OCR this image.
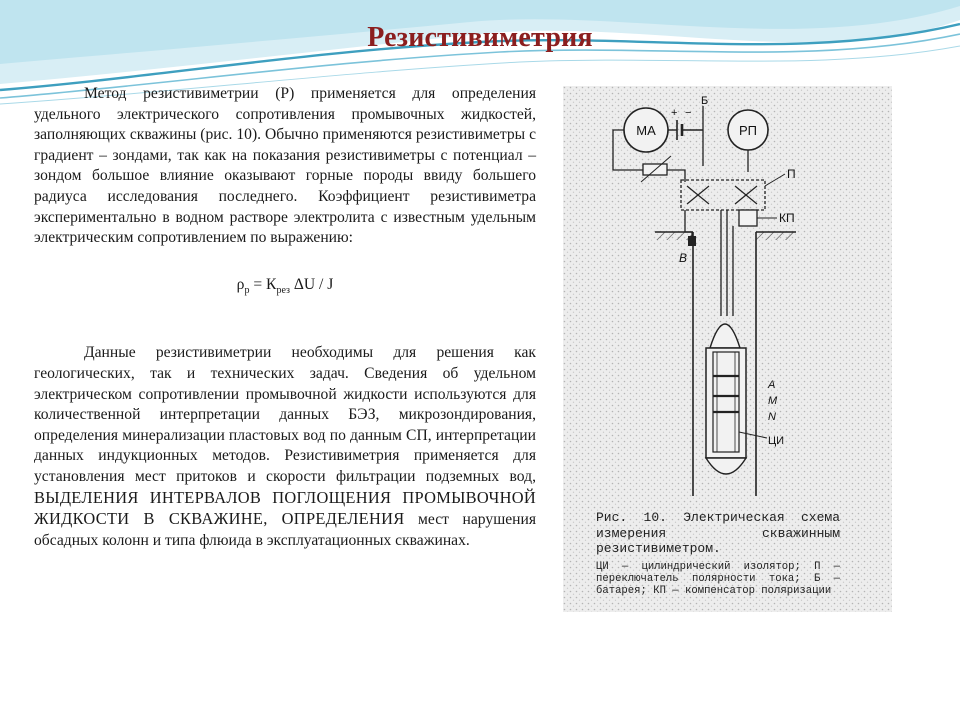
Резистивиметрия

Метод резистивиметрии (Р) применяется для определения удельного электрического сопротивления промывочных жидкостей, заполняющих скважины (рис. 10). Обычно применяются резистивиметры с градиент – зондами, так как на показания резистивиметры с потенциал – зондом большое влияние оказывают горные породы ввиду большего радиуса исследования последнего. Коэффициент резистивиметра экспериментально в водном растворе электролита с известным удельным электрическим сопротивлением по выражению:

$\rho_р = К_{рез}$ ΔU / J

Данные резистивиметрии необходимы для решения как геологических, так и технических задач. Сведения об удельном электрическом сопротивлении промывочной жидкости используются для количественной интерпретации данных БЭЗ, микрозондирования, определения минерализации пластовых вод по данным СП, интерпретации данных индукционных методов. Резистивиметрия применяется для установления мест притоков и скорости фильтрации подземных вод, ВЫДЕЛЕНИЯ ИНТЕРВАЛОВ ПОГЛОЩЕНИЯ ПРОМЫВОЧНОЙ ЖИДКОСТИ В СКВАЖИНЕ, ОПРЕДЕЛЕНИЯ мест нарушения обсадных колонн и типа флюида в эксплуатационных скважинах.

МА	РП
+ −
Б
П
КП
В
А
М
N
ЦИ

Рис. 10. Электрическая схема измерения скважинным резистивиметром.

ЦИ — цилиндрический изолятор; П — переключатель полярности тока; Б — батарея; КП — компенсатор поляризации
